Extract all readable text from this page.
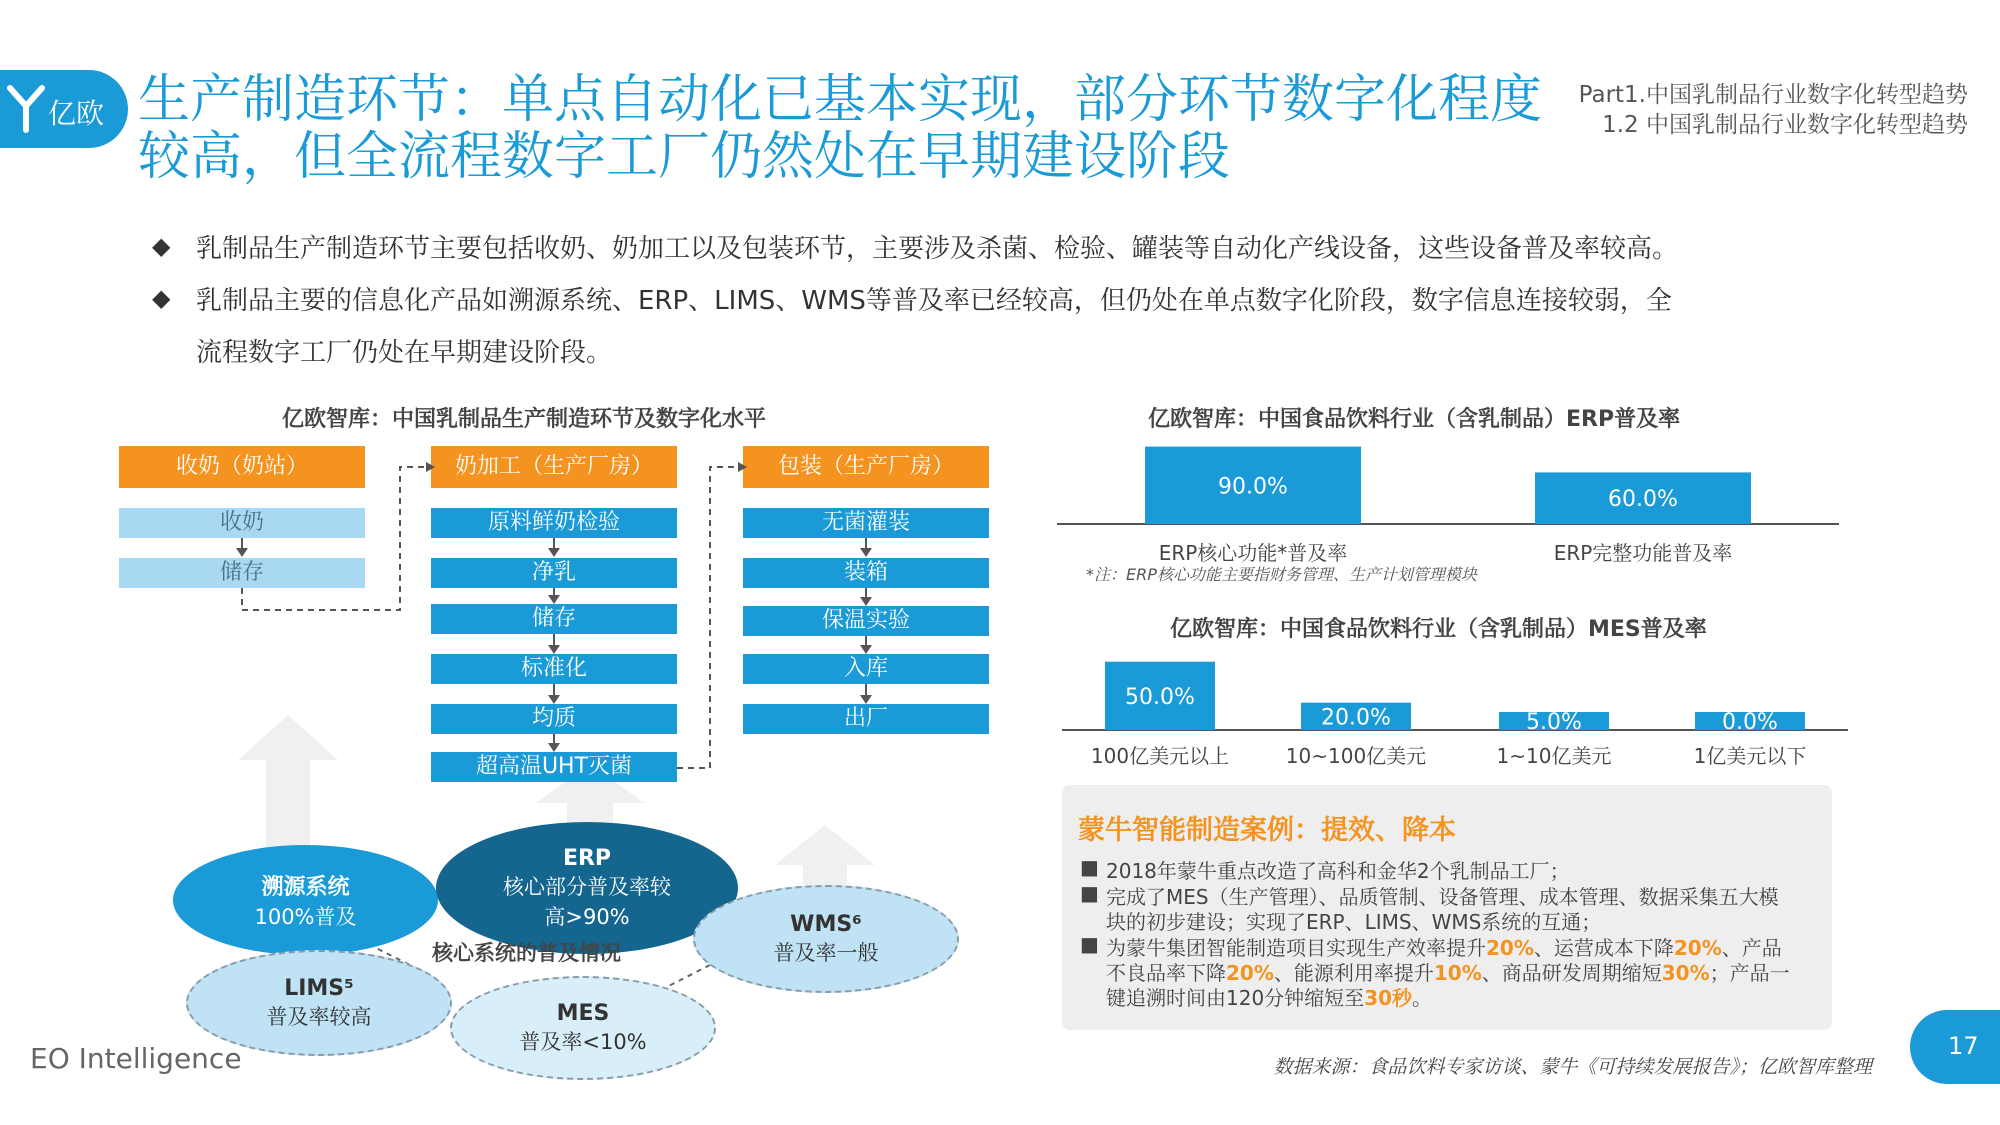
亿欧 生产制造环节：单点自动化已基本实现，部分环节数字化程度
较高，但全流程数字工厂仍然处在早期建设阶段
Part1.中国乳制品行业数字化转型趋势
1.2 中国乳制品行业数字化转型趋势
◆ 乳制品生产制造环节主要包括收奶、奶加工以及包装环节，主要涉及杀菌、检验、罐装等自动化产线设备，这些设备普及率较高。
◆ 乳制品主要的信息化产品如溯源系统、ERP、LIMS、WMS等普及率已经较高，但仍处在单点数字化阶段，数字信息连接较弱，全
流程数字工厂仍处在早期建设阶段。
亿欧智库：中国乳制品生产制造环节及数字化水平
收奶（奶站）
收奶
储存
奶加工（生产厂房）
原料鲜奶检验
净乳
储存
标准化
均质
超高温UHT灭菌
包装（生产厂房）
无菌灌装
装箱
保温实验
入库
出厂
溯源系统
100%普及
ERP
核心部分普及率较
高>90%	WMS⁶
普及率一般
LIMS⁵
普及率较高	MES
普及率<10%
核心系统的普及情况
亿欧智库：中国食品饮料行业（含乳制品）ERP普及率
90.0%
ERP核心功能*普及率
60.0%
ERP完整功能普及率
*注：ERP核心功能主要指财务管理、生产计划管理模块
亿欧智库：中国食品饮料行业（含乳制品）MES普及率
50.0%
100亿美元以上
20.0%
10~100亿美元
5.0%
1~10亿美元
0.0%
1亿美元以下
蒙牛智能制造案例：提效、降本
■ 2018年蒙牛重点改造了高科和金华2个乳制品工厂；
■ 完成了MES（生产管理）、品质管制、设备管理、成本管理、数据采集五大模
块的初步建设；实现了ERP、LIMS、WMS系统的互通；
■ 为蒙牛集团智能制造项目实现生产效率提升20%、运营成本下降20%、产品
不良品率下降20%、能源利用率提升10%、商品研发周期缩短30%；产品一
键追溯时间由120分钟缩短至30秒。
EO Intelligence	数据来源：食品饮料专家访谈、蒙牛《可持续发展报告》；亿欧智库整理
17
